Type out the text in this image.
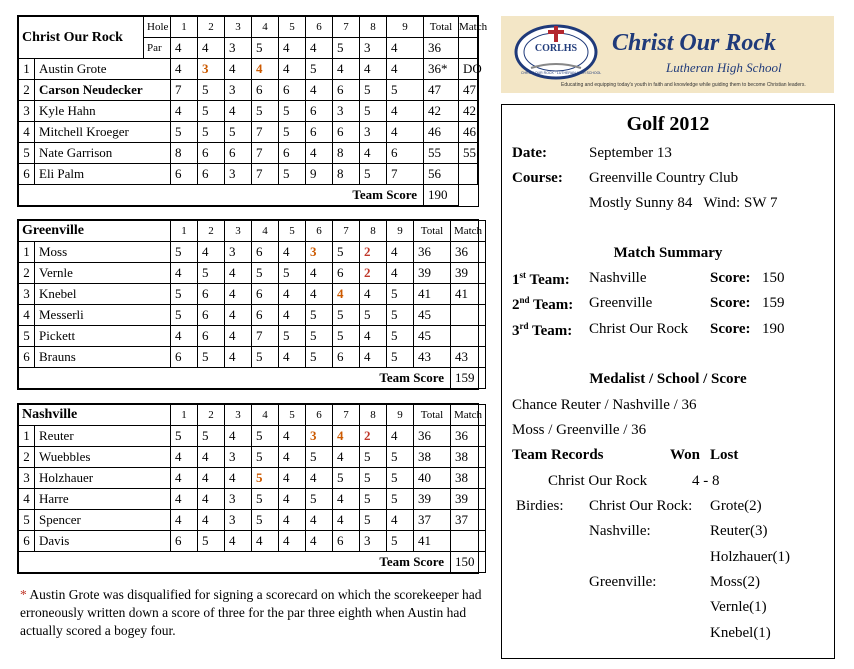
Christ Our Rock		Hole	1	2	3	4	5	6	7	8	9	Total	Match
		Par	4	4	3	5	4	4	5	3	4	36	
1	Austin Grote		4	3	4	4	4	5	4	4	4	36*	DO
2	Carson Neudecker		7	5	3	6	6	4	6	5	5	47	47
3	Kyle Hahn		4	5	4	5	5	6	3	5	4	42	42
4	Mitchell Kroeger		5	5	5	7	5	6	6	3	4	46	46
5	Nate Garrison		8	6	6	7	6	4	8	4	6	55	55
6	Eli Palm		6	6	3	7	5	9	8	5	7	56	
Team Score												190	
Greenville		1	2	3	4	5	6	7	8	9	Total	Match
1	Moss	5	4	3	6	4	3	5	2	4	36	36
2	Vernle	4	5	4	5	5	4	6	2	4	39	39
3	Knebel	5	6	4	6	4	4	4	4	5	41	41
4	Messerli	5	6	4	6	4	5	5	5	5	45	
5	Pickett	4	6	4	7	5	5	5	4	5	45	
6	Brauns	6	5	4	5	4	5	6	4	5	43	43
Team Score												159
Nashville		1	2	3	4	5	6	7	8	9	Total	Match
1	Reuter	5	5	4	5	4	3	4	2	4	36	36
2	Wuebbles	4	4	3	5	4	5	4	5	5	38	38
3	Holzhauer	4	4	4	5	4	4	5	5	5	40	38
4	Harre	4	4	3	5	4	5	4	5	5	39	39
5	Spencer	4	4	3	5	4	4	4	5	4	37	37
6	Davis	6	5	4	4	4	4	6	3	5	41	
Team Score												150
* Austin Grote was disqualified for signing a scorecard on which the scorekeeper had erroneously written down a score of three for the par three eighth when Austin had actually scored a bogey four.
CORLHS
CHRIST OUR ROCK · LUTHERAN HIGH SCHOOL
Christ Our Rock
Lutheran High School
Educating and equipping today's youth in faith and knowledge while guiding them to become Christian leaders.
Golf 2012
Date:	September 13
Course: Greenville Country Club
Mostly Sunny 84   Wind: SW 7
Match Summary
1st Team: Nashville	Score: 150
2nd Team: Greenville	Score: 159
3rd Team: Christ Our Rock Score: 190
Medalist / School / Score
Chance Reuter / Nashville / 36
Moss / Greenville / 36
Team Records	Won Lost
Christ Our Rock	4 - 8
Birdies: Christ Our Rock: Grote(2)
Nashville:	Reuter(3)
Holzhauer(1)
Greenville:	Moss(2)
Vernle(1)
Knebel(1)
